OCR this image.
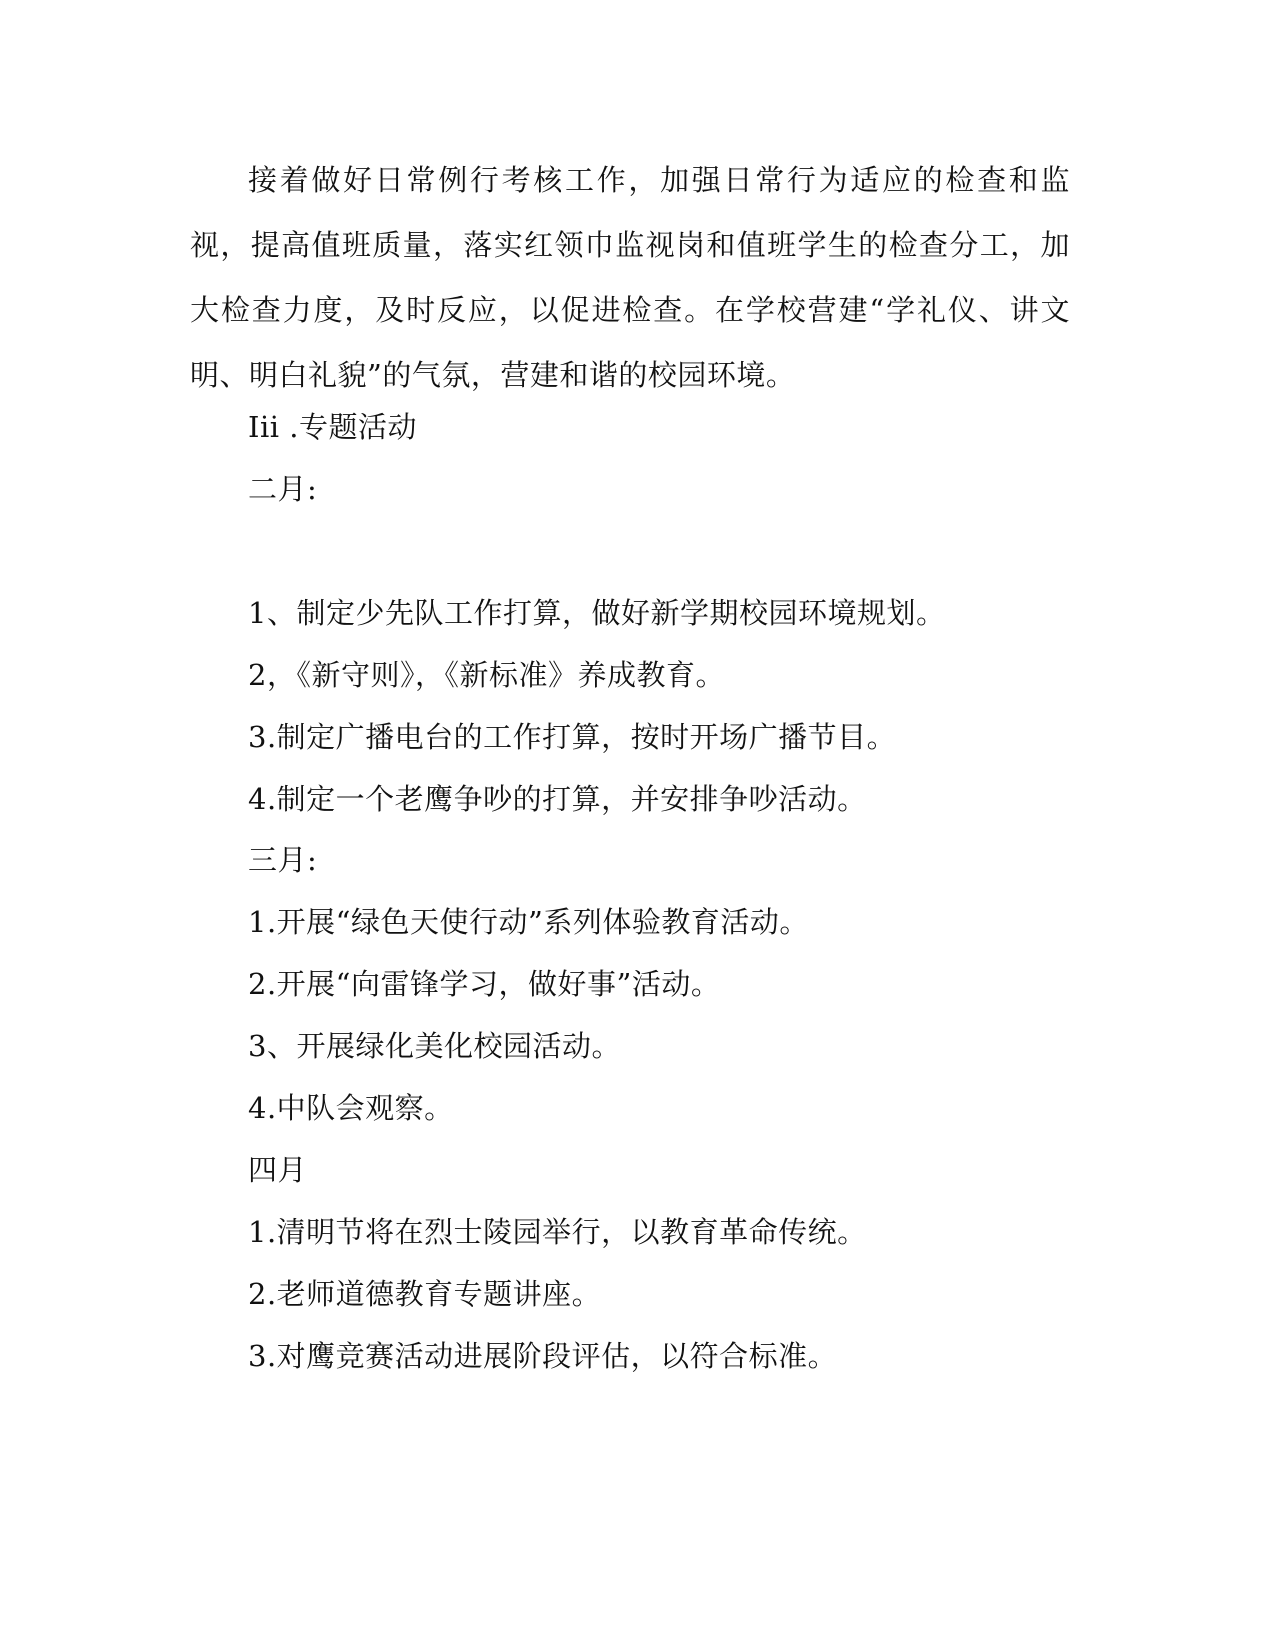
接着做好日常例行考核工作，加强日常行为适应的检查和监视，提高值班质量，落实红领巾监视岗和值班学生的检查分工，加大检查力度，及时反应，以促进检查。在学校营建“学礼仪、讲文明、明白礼貌”的气氛，营建和谐的校园环境。

Iii .专题活动

二月:

1、制定少先队工作打算，做好新学期校园环境规划。

2，《新守则》，《新标准》养成教育。

3.制定广播电台的工作打算，按时开场广播节目。

4.制定一个老鹰争吵的打算，并安排争吵活动。

三月:

1.开展“绿色天使行动”系列体验教育活动。

2.开展“向雷锋学习，做好事”活动。

3、开展绿化美化校园活动。

4.中队会观察。

四月

1.清明节将在烈士陵园举行，以教育革命传统。

2.老师道德教育专题讲座。

3.对鹰竞赛活动进展阶段评估，以符合标准。
